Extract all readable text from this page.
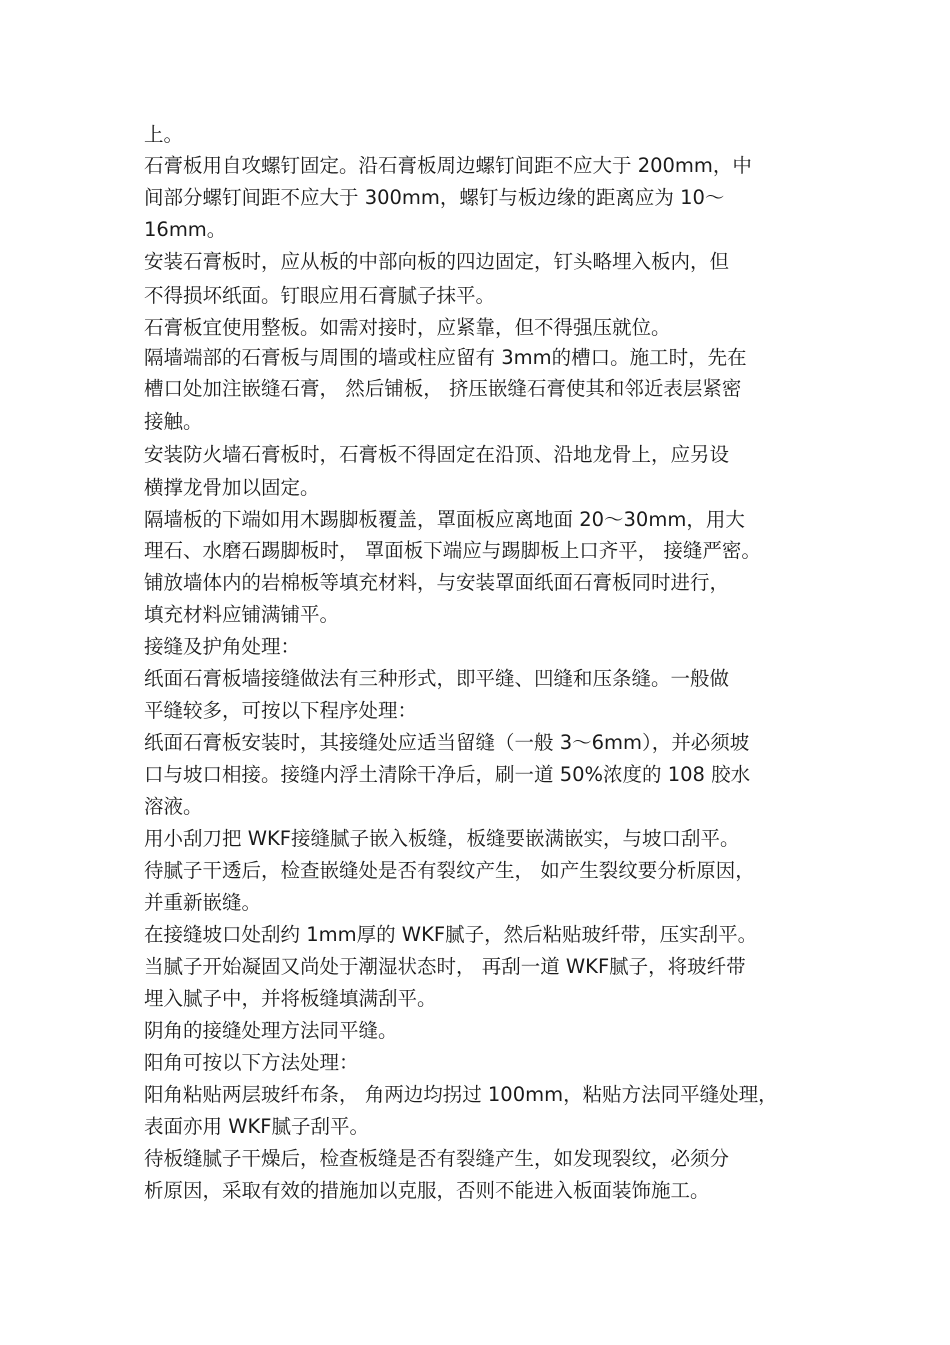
上。
石膏板用自攻螺钉固定。沿石膏板周边螺钉间距不应大于 200mm，中
间部分螺钉间距不应大于 300mm，螺钉与板边缘的距离应为 10～
16mm。
安装石膏板时，应从板的中部向板的四边固定，钉头略埋入板内，但
不得损坏纸面。钉眼应用石膏腻子抹平。
石膏板宜使用整板。如需对接时，应紧靠，但不得强压就位。
隔墙端部的石膏板与周围的墙或柱应留有 3mm的槽口。施工时，先在
槽口处加注嵌缝石膏， 然后铺板， 挤压嵌缝石膏使其和邻近表层紧密
接触。
安装防火墙石膏板时，石膏板不得固定在沿顶、沿地龙骨上，应另设
横撑龙骨加以固定。
隔墙板的下端如用木踢脚板覆盖，罩面板应离地面 20～30mm，用大
理石、水磨石踢脚板时， 罩面板下端应与踢脚板上口齐平， 接缝严密。
铺放墙体内的岩棉板等填充材料，与安装罩面纸面石膏板同时进行，
填充材料应铺满铺平。
接缝及护角处理：
纸面石膏板墙接缝做法有三种形式，即平缝、凹缝和压条缝。一般做
平缝较多，可按以下程序处理：
纸面石膏板安装时，其接缝处应适当留缝（一般 3～6mm），并必须坡
口与坡口相接。接缝内浮土清除干净后，刷一道 50%浓度的 108 胶水
溶液。
用小刮刀把 WKF接缝腻子嵌入板缝，板缝要嵌满嵌实，与坡口刮平。
待腻子干透后，检查嵌缝处是否有裂纹产生， 如产生裂纹要分析原因，
并重新嵌缝。
在接缝坡口处刮约 1mm厚的 WKF腻子，然后粘贴玻纤带，压实刮平。
当腻子开始凝固又尚处于潮湿状态时， 再刮一道 WKF腻子，将玻纤带
埋入腻子中，并将板缝填满刮平。
阴角的接缝处理方法同平缝。
阳角可按以下方法处理：
阳角粘贴两层玻纤布条， 角两边均拐过 100mm，粘贴方法同平缝处理，
表面亦用 WKF腻子刮平。
待板缝腻子干燥后，检查板缝是否有裂缝产生，如发现裂纹，必须分
析原因，采取有效的措施加以克服，否则不能进入板面装饰施工。
